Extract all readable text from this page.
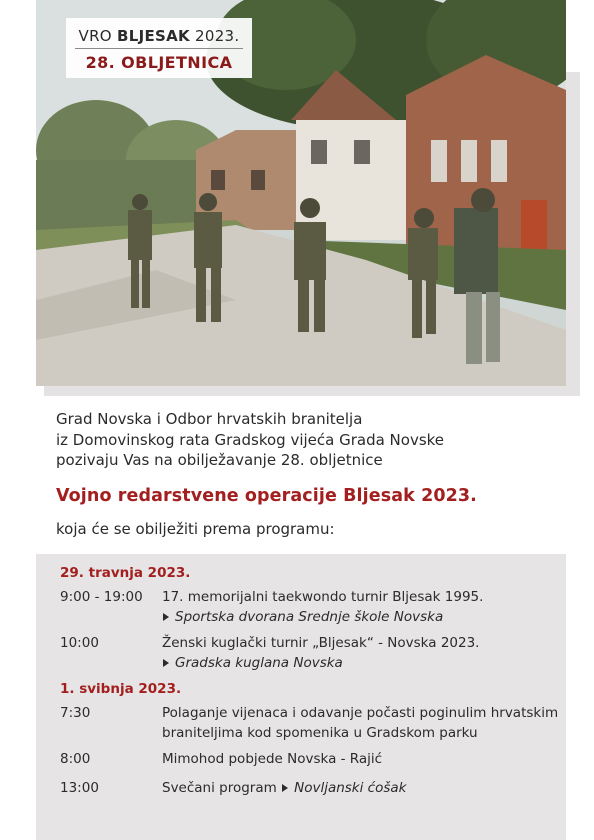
VRO BLJESAK 2023.
28. OBLJETNICA

Grad Novska i Odbor hrvatskih branitelja

iz Domovinskog rata Gradskog vijeća Grada Novske

pozivaju Vas na obilježavanje 28. obljetnice

Vojno redarstvene operacije Bljesak 2023.
koja će se obilježiti prema programu:
29. travnja 2023.
9:00 - 19:00 17. memorijalni taekwondo turnir Bljesak 1995.
Sportska dvorana Srednje škole Novska
10:00	Ženski kuglački turnir „Bljesak“ - Novska 2023.
Gradska kuglana Novska
1. svibnja 2023.
7:30	Polaganje vijenaca i odavanje počasti poginulim hrvatskim
braniteljima kod spomenika u Gradskom parku
8:00	Mimohod pobjede Novska - Rajić
13:00	Svečani program Novljanski ćošak
